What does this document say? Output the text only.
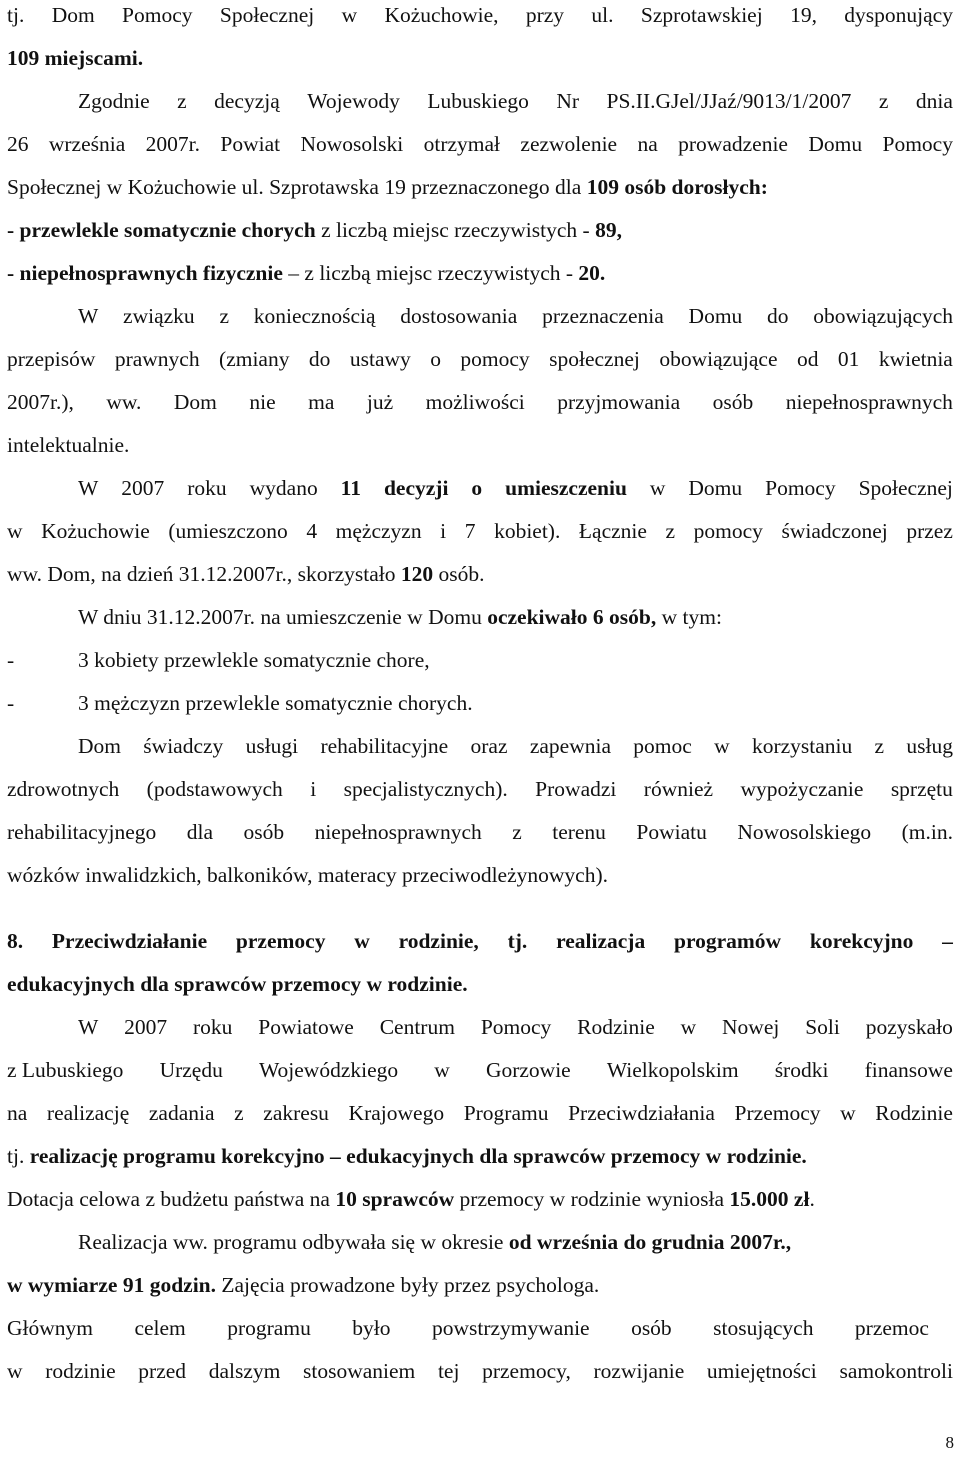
tj. Dom Pomocy Społecznej w Kożuchowie, przy ul. Szprotawskiej 19, dysponujący
109 miejscami.
Zgodnie z decyzją Wojewody Lubuskiego Nr PS.II.GJel/JJaź/9013/1/2007 z dnia
26 września 2007r. Powiat Nowosolski otrzymał zezwolenie na prowadzenie Domu Pomocy
Społecznej w Kożuchowie ul. Szprotawska 19 przeznaczonego dla 109 osób dorosłych:
- przewlekle somatycznie chorych z liczbą miejsc rzeczywistych - 89,
- niepełnosprawnych fizycznie – z liczbą miejsc rzeczywistych - 20.
W związku z koniecznością dostosowania przeznaczenia Domu do obowiązujących
przepisów prawnych (zmiany do ustawy o pomocy społecznej obowiązujące od 01 kwietnia
2007r.), ww. Dom nie ma już możliwości przyjmowania osób niepełnosprawnych
intelektualnie.
W 2007 roku wydano 11 decyzji o umieszczeniu w Domu Pomocy Społecznej
w Kożuchowie (umieszczono 4 mężczyzn i 7 kobiet). Łącznie z pomocy świadczonej przez
ww. Dom, na dzień 31.12.2007r., skorzystało 120 osób.
W dniu 31.12.2007r. na umieszczenie w Domu oczekiwało 6 osób, w tym:
-	3 kobiety przewlekle somatycznie chore,
-	3 mężczyzn przewlekle somatycznie chorych.
Dom świadczy usługi rehabilitacyjne oraz zapewnia pomoc w korzystaniu z usług
zdrowotnych (podstawowych i specjalistycznych). Prowadzi również wypożyczanie sprzętu
rehabilitacyjnego dla osób niepełnosprawnych z terenu Powiatu Nowosolskiego (m.in.
wózków inwalidzkich, balkoników, materacy przeciwodleżynowych).
8. Przeciwdziałanie przemocy w rodzinie, tj. realizacja programów korekcyjno –
edukacyjnych dla sprawców przemocy w rodzinie.
W 2007 roku Powiatowe Centrum Pomocy Rodzinie w Nowej Soli pozyskało
z Lubuskiego Urzędu Wojewódzkiego w Gorzowie Wielkopolskim środki finansowe
na realizację zadania z zakresu Krajowego Programu Przeciwdziałania Przemocy w Rodzinie
tj. realizację programu korekcyjno – edukacyjnych dla sprawców przemocy w rodzinie.
Dotacja celowa z budżetu państwa na 10 sprawców przemocy w rodzinie wyniosła 15.000 zł.
Realizacja ww. programu odbywała się w okresie od września do grudnia 2007r.,
w wymiarze 91 godzin. Zajęcia prowadzone były przez psychologa.
Głównym celem programu było powstrzymywanie osób stosujących przemoc
w rodzinie przed dalszym stosowaniem tej przemocy, rozwijanie umiejętności samokontroli
8
